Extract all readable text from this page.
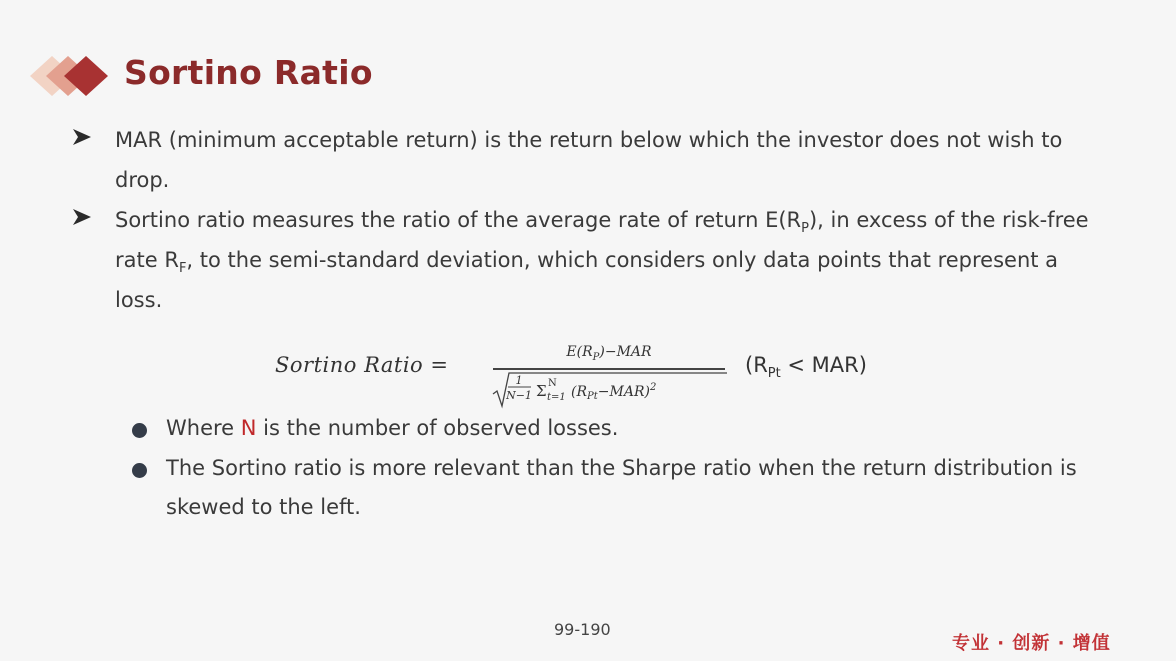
Sortino Ratio
MAR (minimum acceptable return) is the return below which the investor does not wish to drop.
Sortino ratio measures the ratio of the average rate of return $E(R_P)$, in excess of the risk-free rate $R_F$, to the semi-standard deviation, which considers only data points that represent a loss.
Sortino Ratio =
$E(R_P)-MAR$
1
N−1 Σ N
t=1 $(R_{Pt}-MAR)^2$
$(R_{Pt} < MAR)$
Where N is the number of observed losses.
The Sortino ratio is more relevant than the Sharpe ratio when the return distribution is skewed to the left.
99-190
专业 · 创新 · 增值
